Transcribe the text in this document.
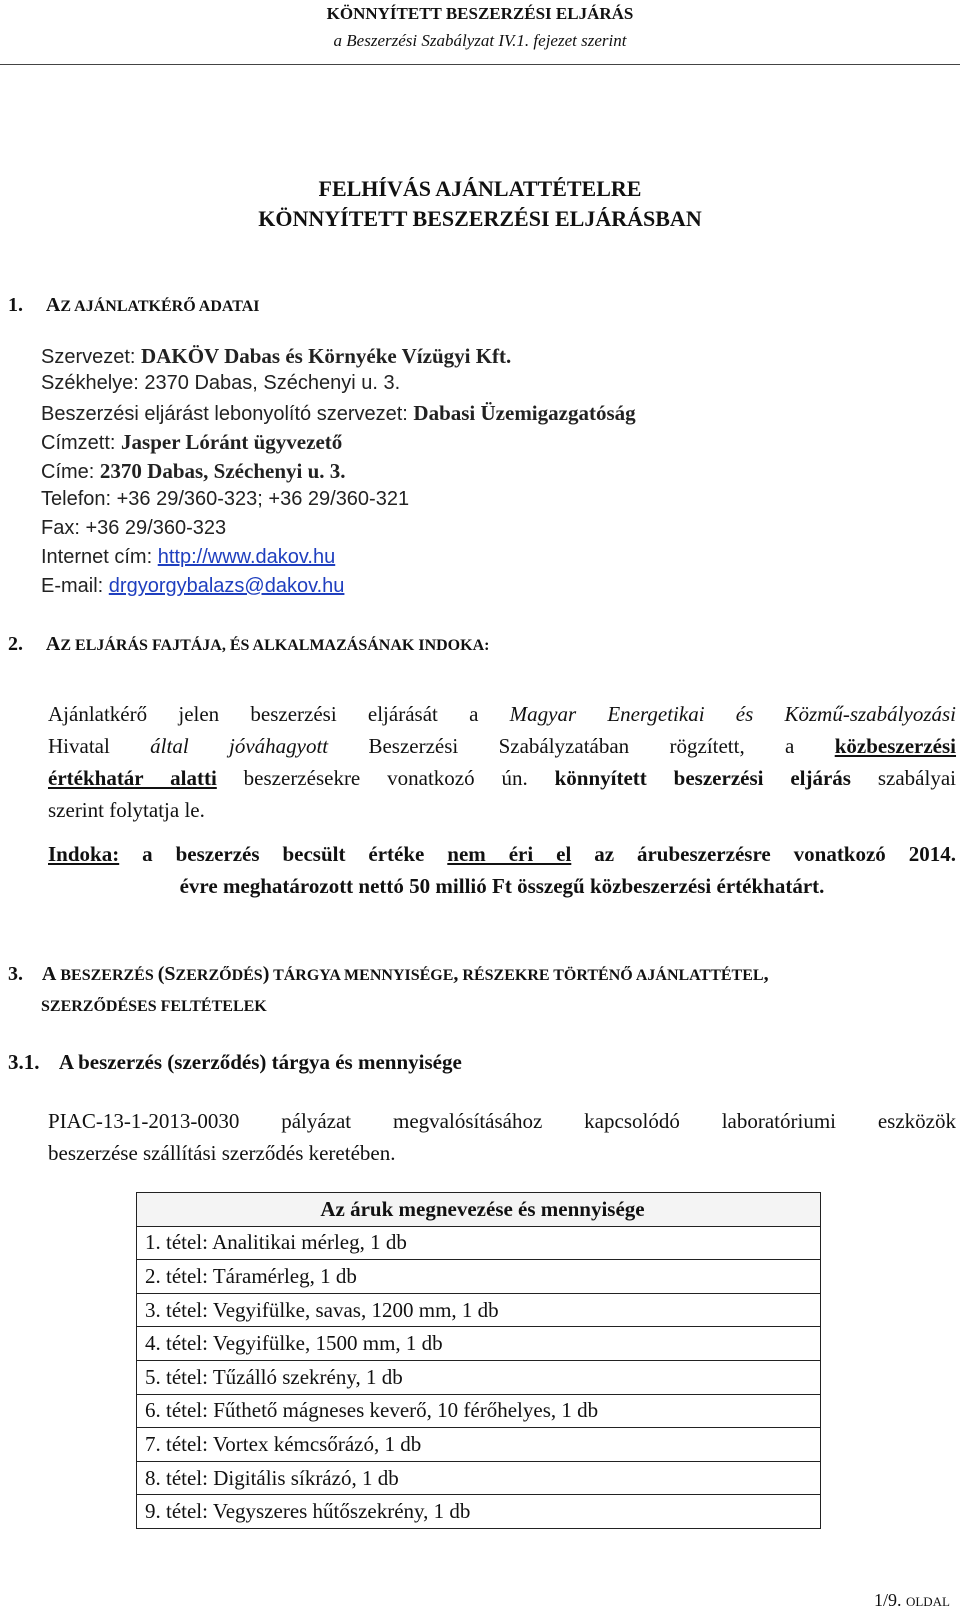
KÖNNYÍTETT BESZERZÉSI ELJÁRÁS
a Beszerzési Szabályzat IV.1. fejezet szerint
FELHÍVÁS AJÁNLATTÉTELRE
KÖNNYÍTETT BESZERZÉSI ELJÁRÁSBAN
1. AZ AJÁNLATKÉRŐ ADATAI
Szervezet: DAKÖV Dabas és Környéke Vízügyi Kft.
Székhelye: 2370 Dabas, Széchenyi u. 3.
Beszerzési eljárást lebonyolító szervezet: Dabasi Üzemigazgatóság
Címzett: Jasper Lóránt ügyvezető
Címe: 2370 Dabas, Széchenyi u. 3.
Telefon: +36 29/360-323; +36 29/360-321
Fax: +36 29/360-323
Internet cím: http://www.dakov.hu
E-mail: drgyorgybalazs@dakov.hu
2. AZ ELJÁRÁS FAJTÁJA, ÉS ALKALMAZÁSÁNAK INDOKA:
Ajánlatkérő jelen beszerzési eljárását a Magyar Energetikai és Közmű-szabályozási
Hivatal által jóváhagyott Beszerzési Szabályzatában rögzített, a közbeszerzési
értékhatár alatti beszerzésekre vonatkozó ún. könnyített beszerzési eljárás szabályai
szerint folytatja le.
Indoka: a beszerzés becsült értéke nem éri el az árubeszerzésre vonatkozó 2014.
évre meghatározott nettó 50 millió Ft összegű közbeszerzési értékhatárt.
3. A BESZERZÉS (SZERZŐDÉS) TÁRGYA MENNYISÉGE, RÉSZEKRE TÖRTÉNŐ AJÁNLATTÉTEL,
SZERZŐDÉSES FELTÉTELEK
3.1. A beszerzés (szerződés) tárgya és mennyisége
PIAC-13-1-2013-0030 pályázat megvalósításához kapcsolódó laboratóriumi eszközök
beszerzése szállítási szerződés keretében.
Az áruk megnevezése és mennyisége
1. tétel: Analitikai mérleg, 1 db
2. tétel: Táramérleg, 1 db
3. tétel: Vegyifülke, savas, 1200 mm, 1 db
4. tétel: Vegyifülke, 1500 mm, 1 db
5. tétel: Tűzálló szekrény, 1 db
6. tétel: Fűthető mágneses keverő, 10 férőhelyes, 1 db
7. tétel: Vortex kémcsőrázó, 1 db
8. tétel: Digitális síkrázó, 1 db
9. tétel: Vegyszeres hűtőszekrény, 1 db
1/9. OLDAL
